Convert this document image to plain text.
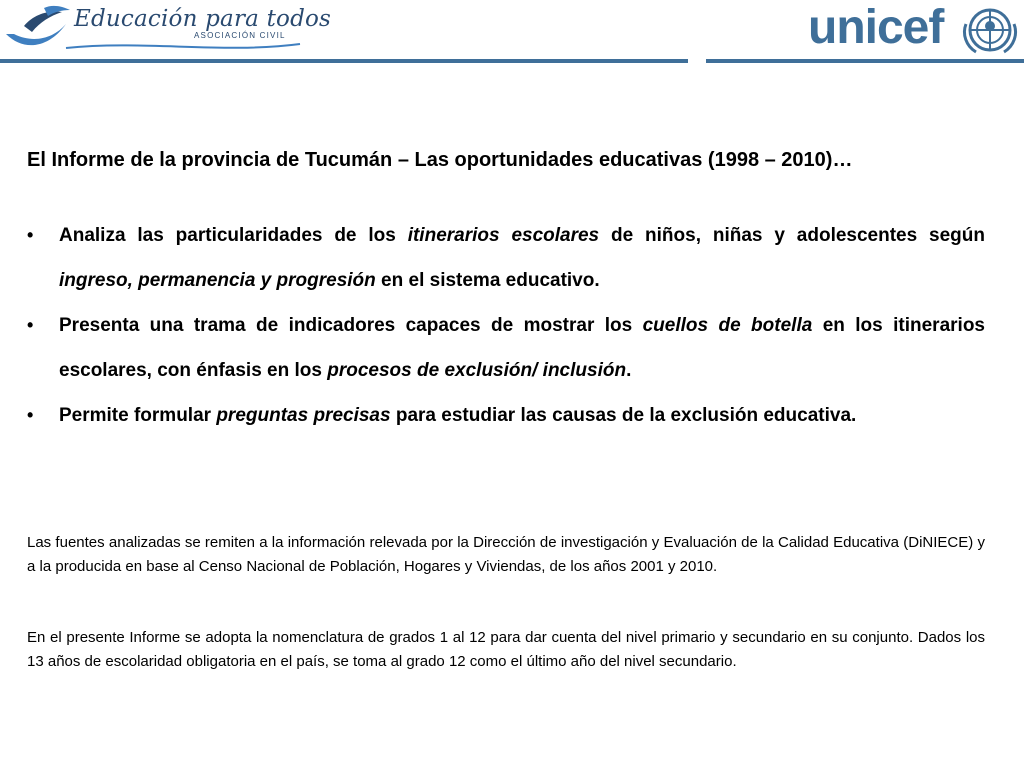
Educación para todos
ASOCIACIÓN CIVIL	unicef

El Informe de la provincia de Tucumán – Las oportunidades educativas (1998 – 2010)…

• Analiza las particularidades de los itinerarios escolares de niños, niñas y adolescentes según ingreso, permanencia y progresión en el sistema educativo.
• Presenta una trama de indicadores capaces de mostrar los cuellos de botella en los itinerarios escolares, con énfasis en los procesos de exclusión/ inclusión.
• Permite formular preguntas precisas para estudiar las causas de la exclusión educativa.

Las fuentes analizadas se remiten a la información relevada por la Dirección de investigación y Evaluación de la Calidad Educativa (DiNIECE) y a la producida en base al Censo Nacional de Población, Hogares y Viviendas, de los años 2001 y 2010.

En el presente Informe se adopta la nomenclatura de grados 1 al 12 para dar cuenta del nivel primario y secundario en su conjunto. Dados los 13 años de escolaridad obligatoria en el país, se toma al grado 12 como el último año del nivel secundario.
